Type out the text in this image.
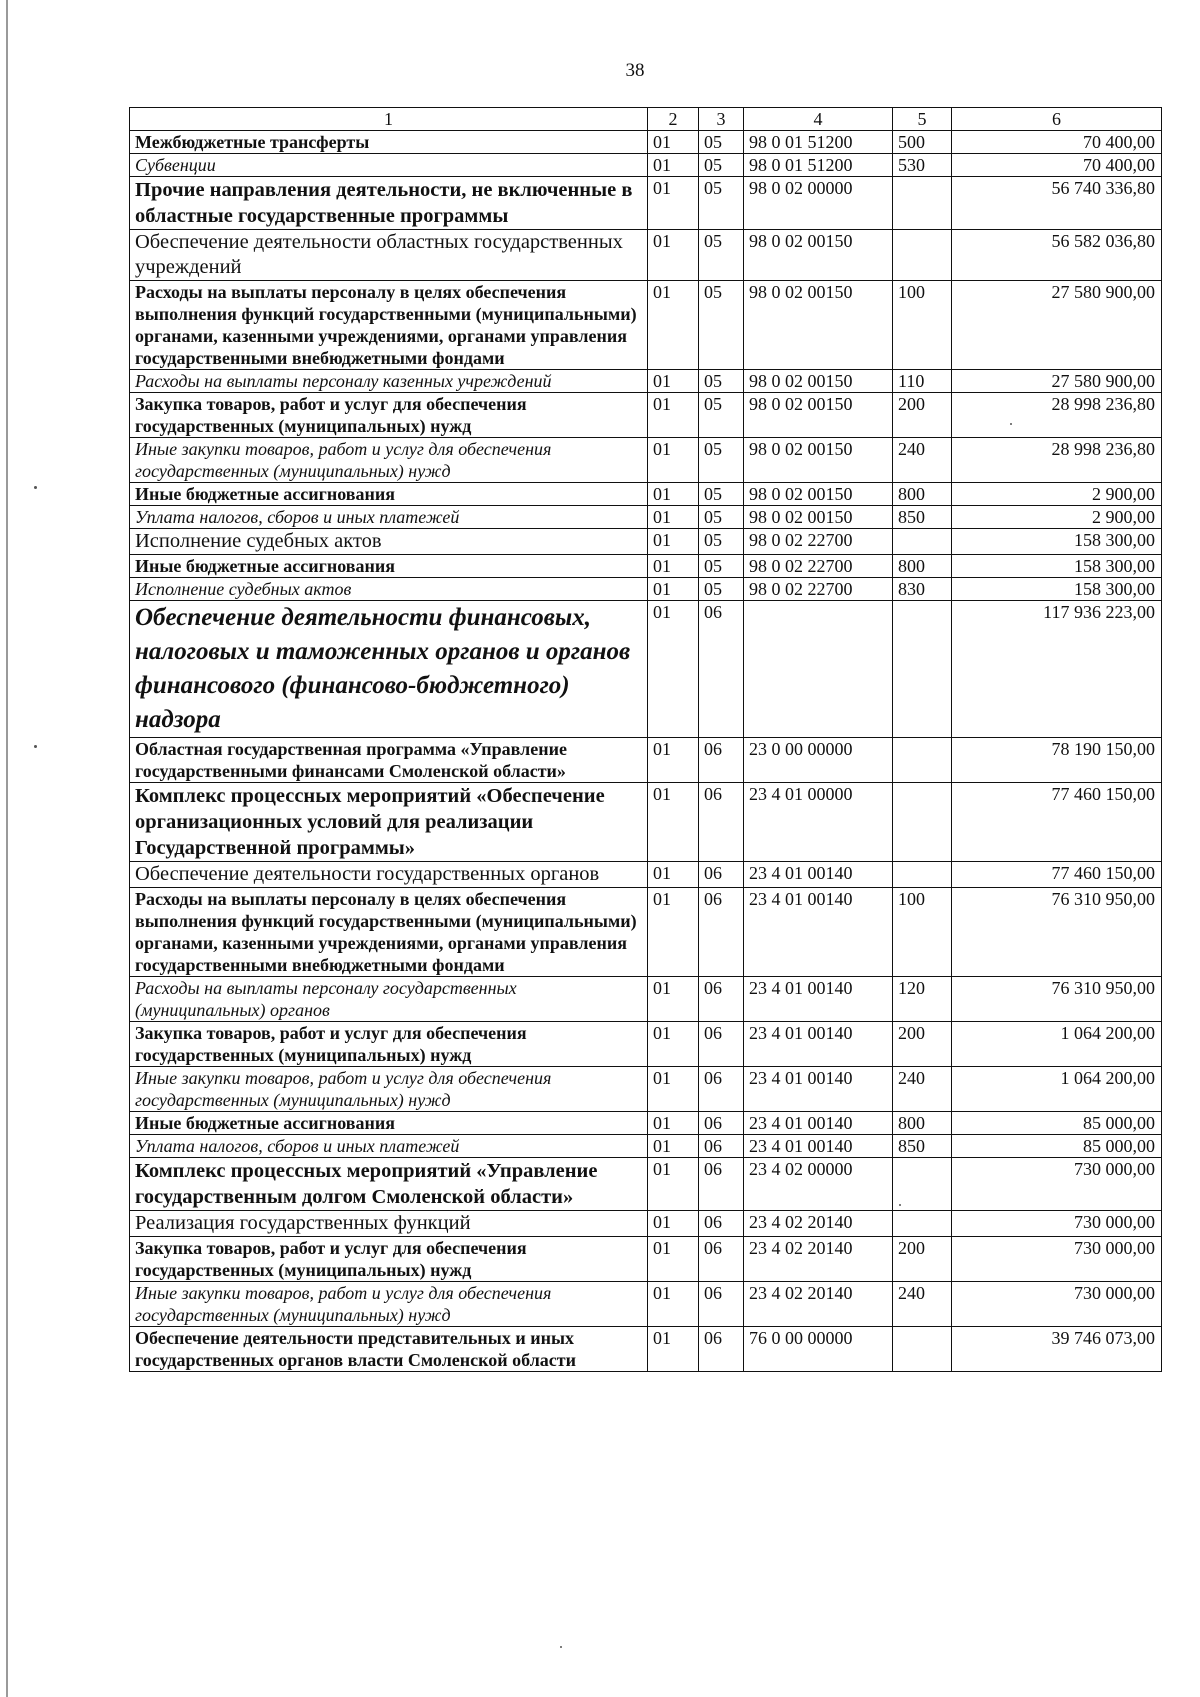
38
1	2	3	4	5	6
Межбюджетные трансферты	01	05	98 0 01 51200	500	70 400,00
Субвенции	01	05	98 0 01 51200	530	70 400,00
Прочие направления деятельности, не включенные в областные государственные программы	01	05	98 0 02 00000		56 740 336,80
Обеспечение деятельности областных государственных учреждений	01	05	98 0 02 00150		56 582 036,80
Расходы на выплаты персоналу в целях обеспечения выполнения функций государственными (муниципальными) органами, казенными учреждениями, органами управления государственными внебюджетными фондами	01	05	98 0 02 00150	100	27 580 900,00
Расходы на выплаты персоналу казенных учреждений	01	05	98 0 02 00150	110	27 580 900,00
Закупка товаров, работ и услуг для обеспечения государственных (муниципальных) нужд	01	05	98 0 02 00150	200	28 998 236,80
Иные закупки товаров, работ и услуг для обеспечения государственных (муниципальных) нужд	01	05	98 0 02 00150	240	28 998 236,80
Иные бюджетные ассигнования	01	05	98 0 02 00150	800	2 900,00
Уплата налогов, сборов и иных платежей	01	05	98 0 02 00150	850	2 900,00
Исполнение судебных актов	01	05	98 0 02 22700		158 300,00
Иные бюджетные ассигнования	01	05	98 0 02 22700	800	158 300,00
Исполнение судебных актов	01	05	98 0 02 22700	830	158 300,00
Обеспечение деятельности финансовых, налоговых и таможенных органов и органов финансового (финансово-бюджетного) надзора	01	06			117 936 223,00
Областная государственная программа «Управление государственными финансами Смоленской области»	01	06	23 0 00 00000		78 190 150,00
Комплекс процессных мероприятий «Обеспечение организационных условий для реализации Государственной программы»	01	06	23 4 01 00000		77 460 150,00
Обеспечение деятельности государственных органов	01	06	23 4 01 00140		77 460 150,00
Расходы на выплаты персоналу в целях обеспечения выполнения функций государственными (муниципальными) органами, казенными учреждениями, органами управления государственными внебюджетными фондами	01	06	23 4 01 00140	100	76 310 950,00
Расходы на выплаты персоналу государственных (муниципальных) органов	01	06	23 4 01 00140	120	76 310 950,00
Закупка товаров, работ и услуг для обеспечения государственных (муниципальных) нужд	01	06	23 4 01 00140	200	1 064 200,00
Иные закупки товаров, работ и услуг для обеспечения государственных (муниципальных) нужд	01	06	23 4 01 00140	240	1 064 200,00
Иные бюджетные ассигнования	01	06	23 4 01 00140	800	85 000,00
Уплата налогов, сборов и иных платежей	01	06	23 4 01 00140	850	85 000,00
Комплекс процессных мероприятий «Управление государственным долгом Смоленской области»	01	06	23 4 02 00000		730 000,00
Реализация государственных функций	01	06	23 4 02 20140		730 000,00
Закупка товаров, работ и услуг для обеспечения государственных (муниципальных) нужд	01	06	23 4 02 20140	200	730 000,00
Иные закупки товаров, работ и услуг для обеспечения государственных (муниципальных) нужд	01	06	23 4 02 20140	240	730 000,00
Обеспечение деятельности представительных и иных государственных органов власти Смоленской области	01	06	76 0 00 00000		39 746 073,00
